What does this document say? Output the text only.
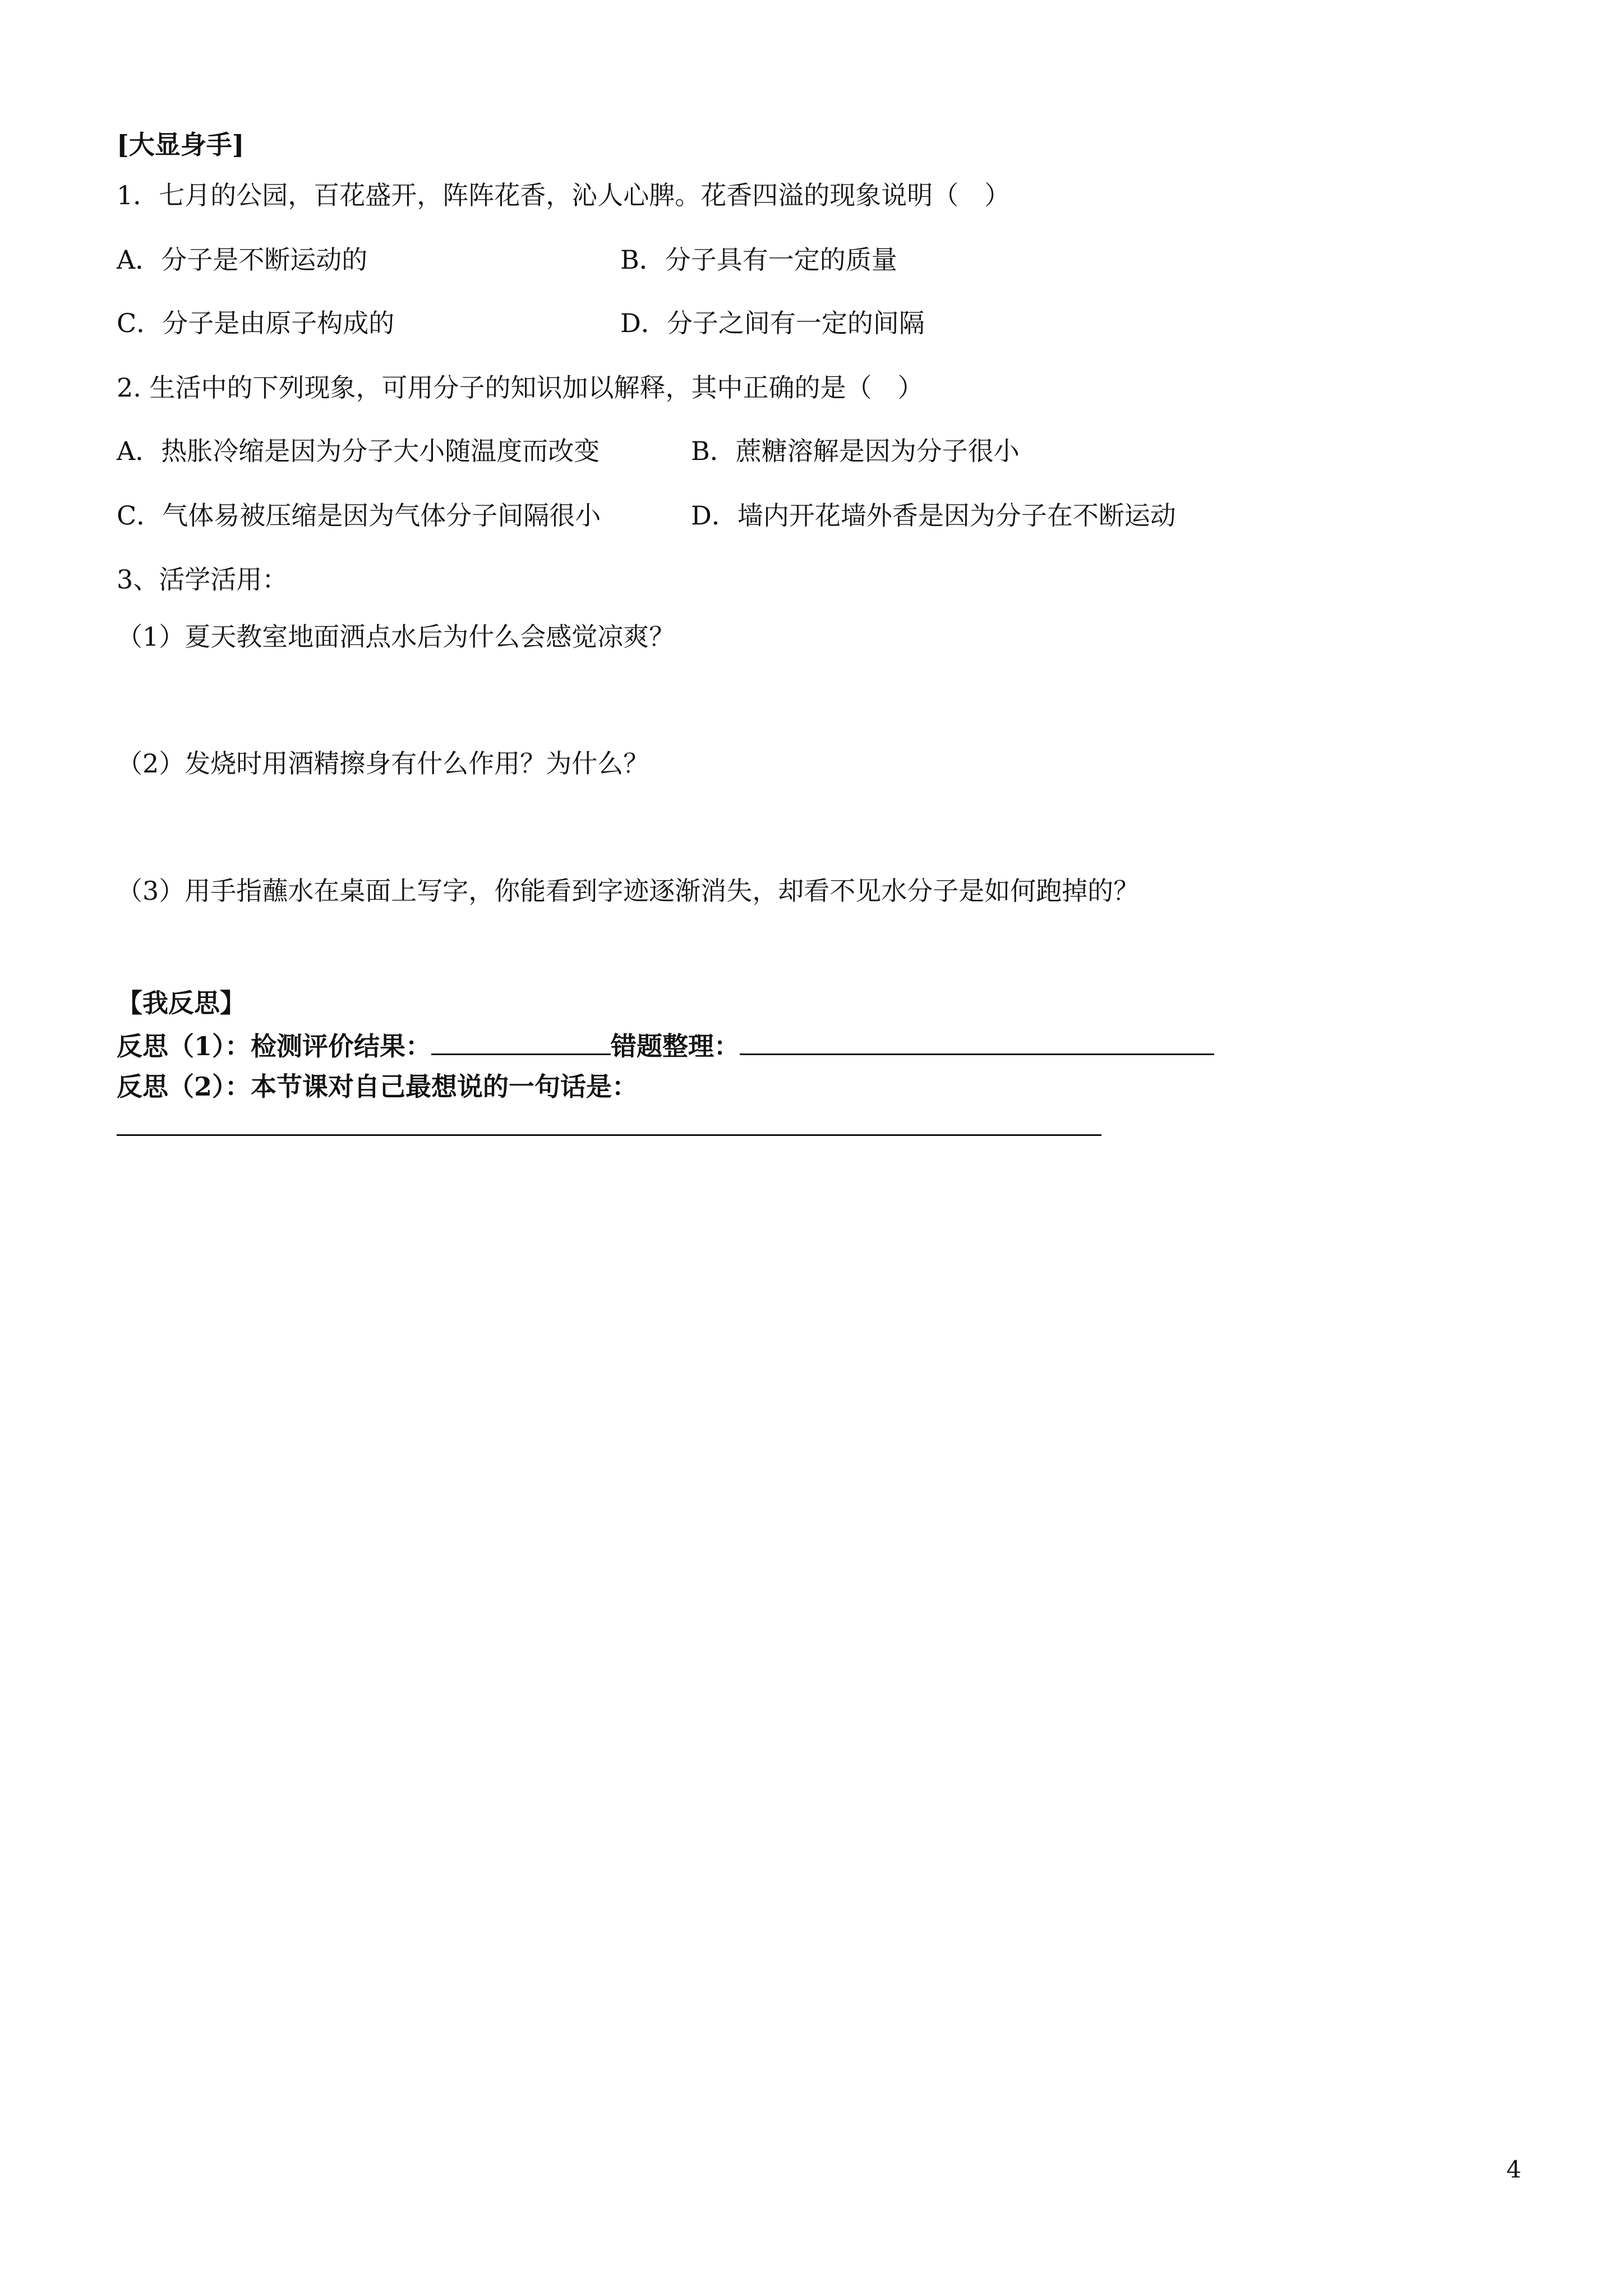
[大显身手]
1．七月的公园，百花盛开，阵阵花香，沁人心脾。花香四溢的现象说明（　）
A．分子是不断运动的	B．分子具有一定的质量
C．分子是由原子构成的	D．分子之间有一定的间隔
2. 生活中的下列现象，可用分子的知识加以解释，其中正确的是（　）
A．热胀冷缩是因为分子大小随温度而改变	B．蔗糖溶解是因为分子很小
C．气体易被压缩是因为气体分子间隔很小	D．墙内开花墙外香是因为分子在不断运动
3、活学活用：
（1）夏天教室地面洒点水后为什么会感觉凉爽？
（2）发烧时用酒精擦身有什么作用？为什么？
（3）用手指蘸水在桌面上写字，你能看到字迹逐渐消失，却看不见水分子是如何跑掉的？
【我反思】
反思（1）：检测评价结果：	错题整理：
反思（2）：本节课对自己最想说的一句话是：
4
